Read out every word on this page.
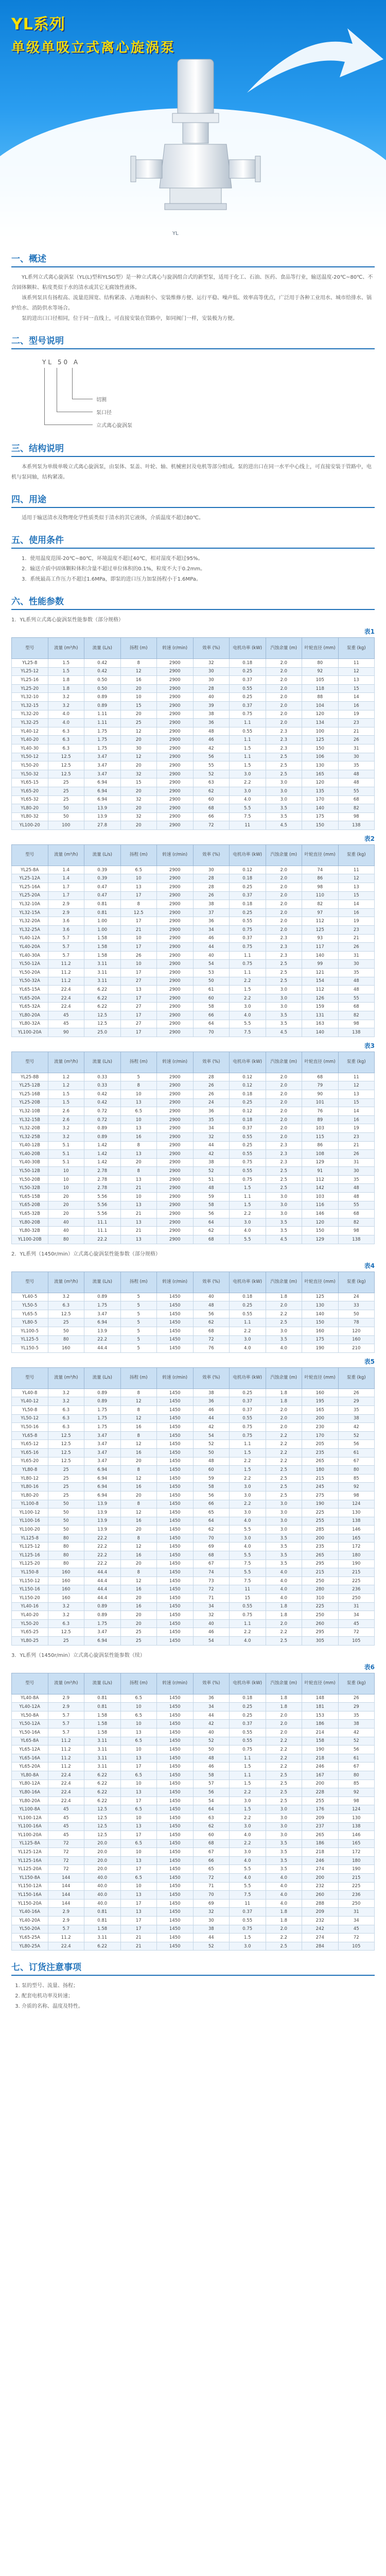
YL系列
单级单吸立式离心旋涡泵
YL
一、概述

YL系列立式离心旋涡泵（YL(L)型和YLSG型）是一种立式离心与旋涡组合式的新型泵，适用于化工、石油、医药、食品等行业，输送温度-20℃~80℃、不含固体颗粒、粘度类似于水的清水或其它无腐蚀性液体。

该系列泵具有扬程高、流量范围宽、结构紧凑、占地面积小、安装维修方便、运行平稳、噪声低、效率高等优点，广泛用于各种工业用水、城市给排水、锅炉给水、消防供水等场合。

泵的进出口口径相同，位于同一直线上，可直接安装在管路中，如同阀门一样，安装极为方便。

二、型号说明
YL 50 A
切割
泵口径
立式离心旋涡泵
三、结构说明

本系列泵为单级单吸立式离心旋涡泵，由泵体、泵盖、叶轮、轴、机械密封及电机等部分组成。泵的进出口在同一水平中心线上，可直接安装于管路中，电机与泵同轴，结构紧凑。

四、用途

适用于输送清水及物理化学性质类似于清水的其它液体，介质温度不超过80℃。

五、使用条件

1．使用温度范围-20℃~80℃，环境温度不超过40℃，相对湿度不超过95%。

2．输送介质中固体颗粒体积含量不超过单位体积的0.1%，粒度不大于0.2mm。

3．系统最高工作压力不超过1.6MPa，即泵的进口压力加泵扬程小于1.6MPa。

六、性能参数
1．YL系列立式离心旋涡泵性能参数（部分规格）
表1
型号	流量 (m³/h)	流量 (L/s)	扬程 (m)	转速 (r/min)	效率 (%)	电机功率 (kW)	汽蚀余量 (m)	叶轮直径 (mm)	泵重 (kg)
YL25-8	1.5	0.42	8	2900	32	0.18	2.0	80	11
YL25-12	1.5	0.42	12	2900	30	0.25	2.0	92	12
YL25-16	1.8	0.50	16	2900	30	0.37	2.0	105	13
YL25-20	1.8	0.50	20	2900	28	0.55	2.0	118	15
YL32-10	3.2	0.89	10	2900	40	0.25	2.0	88	14
YL32-15	3.2	0.89	15	2900	39	0.37	2.0	104	16
YL32-20	4.0	1.11	20	2900	38	0.75	2.0	120	19
YL32-25	4.0	1.11	25	2900	36	1.1	2.0	134	23
YL40-12	6.3	1.75	12	2900	48	0.55	2.3	100	21
YL40-20	6.3	1.75	20	2900	46	1.1	2.3	125	26
YL40-30	6.3	1.75	30	2900	42	1.5	2.3	150	31
YL50-12	12.5	3.47	12	2900	56	1.1	2.5	106	30
YL50-20	12.5	3.47	20	2900	55	1.5	2.5	130	35
YL50-32	12.5	3.47	32	2900	52	3.0	2.5	165	48
YL65-15	25	6.94	15	2900	63	2.2	3.0	120	48
YL65-20	25	6.94	20	2900	62	3.0	3.0	135	55
YL65-32	25	6.94	32	2900	60	4.0	3.0	170	68
YL80-20	50	13.9	20	2900	68	5.5	3.5	140	82
YL80-32	50	13.9	32	2900	66	7.5	3.5	175	98
YL100-20	100	27.8	20	2900	72	11	4.5	150	138
表2
型号	流量 (m³/h)	流量 (L/s)	扬程 (m)	转速 (r/min)	效率 (%)	电机功率 (kW)	汽蚀余量 (m)	叶轮直径 (mm)	泵重 (kg)
YL25-8A	1.4	0.39	6.5	2900	30	0.12	2.0	74	11
YL25-12A	1.4	0.39	10	2900	28	0.18	2.0	86	12
YL25-16A	1.7	0.47	13	2900	28	0.25	2.0	98	13
YL25-20A	1.7	0.47	17	2900	26	0.37	2.0	110	15
YL32-10A	2.9	0.81	8	2900	38	0.18	2.0	82	14
YL32-15A	2.9	0.81	12.5	2900	37	0.25	2.0	97	16
YL32-20A	3.6	1.00	17	2900	36	0.55	2.0	112	19
YL32-25A	3.6	1.00	21	2900	34	0.75	2.0	125	23
YL40-12A	5.7	1.58	10	2900	46	0.37	2.3	93	21
YL40-20A	5.7	1.58	17	2900	44	0.75	2.3	117	26
YL40-30A	5.7	1.58	26	2900	40	1.1	2.3	140	31
YL50-12A	11.2	3.11	10	2900	54	0.75	2.5	99	30
YL50-20A	11.2	3.11	17	2900	53	1.1	2.5	121	35
YL50-32A	11.2	3.11	27	2900	50	2.2	2.5	154	48
YL65-15A	22.4	6.22	13	2900	61	1.5	3.0	112	48
YL65-20A	22.4	6.22	17	2900	60	2.2	3.0	126	55
YL65-32A	22.4	6.22	27	2900	58	3.0	3.0	159	68
YL80-20A	45	12.5	17	2900	66	4.0	3.5	131	82
YL80-32A	45	12.5	27	2900	64	5.5	3.5	163	98
YL100-20A	90	25.0	17	2900	70	7.5	4.5	140	138
表3
型号	流量 (m³/h)	流量 (L/s)	扬程 (m)	转速 (r/min)	效率 (%)	电机功率 (kW)	汽蚀余量 (m)	叶轮直径 (mm)	泵重 (kg)
YL25-8B	1.2	0.33	5	2900	28	0.12	2.0	68	11
YL25-12B	1.2	0.33	8	2900	26	0.12	2.0	79	12
YL25-16B	1.5	0.42	10	2900	26	0.18	2.0	90	13
YL25-20B	1.5	0.42	13	2900	24	0.25	2.0	101	15
YL32-10B	2.6	0.72	6.5	2900	36	0.12	2.0	76	14
YL32-15B	2.6	0.72	10	2900	35	0.18	2.0	89	16
YL32-20B	3.2	0.89	13	2900	34	0.37	2.0	103	19
YL32-25B	3.2	0.89	16	2900	32	0.55	2.0	115	23
YL40-12B	5.1	1.42	8	2900	44	0.25	2.3	86	21
YL40-20B	5.1	1.42	13	2900	42	0.55	2.3	108	26
YL40-30B	5.1	1.42	20	2900	38	0.75	2.3	129	31
YL50-12B	10	2.78	8	2900	52	0.55	2.5	91	30
YL50-20B	10	2.78	13	2900	51	0.75	2.5	112	35
YL50-32B	10	2.78	21	2900	48	1.5	2.5	142	48
YL65-15B	20	5.56	10	2900	59	1.1	3.0	103	48
YL65-20B	20	5.56	13	2900	58	1.5	3.0	116	55
YL65-32B	20	5.56	21	2900	56	2.2	3.0	146	68
YL80-20B	40	11.1	13	2900	64	3.0	3.5	120	82
YL80-32B	40	11.1	21	2900	62	4.0	3.5	150	98
YL100-20B	80	22.2	13	2900	68	5.5	4.5	129	138
2．YL系列（1450r/min）立式离心旋涡泵性能参数（部分规格）
表4
型号	流量 (m³/h)	流量 (L/s)	扬程 (m)	转速 (r/min)	效率 (%)	电机功率 (kW)	汽蚀余量 (m)	叶轮直径 (mm)	泵重 (kg)
YL40-5	3.2	0.89	5	1450	40	0.18	1.8	125	24
YL50-5	6.3	1.75	5	1450	48	0.25	2.0	130	33
YL65-5	12.5	3.47	5	1450	56	0.55	2.2	140	50
YL80-5	25	6.94	5	1450	62	1.1	2.5	150	78
YL100-5	50	13.9	5	1450	68	2.2	3.0	160	120
YL125-5	80	22.2	5	1450	72	3.0	3.5	175	160
YL150-5	160	44.4	5	1450	76	4.0	4.0	190	210
表5
型号	流量 (m³/h)	流量 (L/s)	扬程 (m)	转速 (r/min)	效率 (%)	电机功率 (kW)	汽蚀余量 (m)	叶轮直径 (mm)	泵重 (kg)
YL40-8	3.2	0.89	8	1450	38	0.25	1.8	160	26
YL40-12	3.2	0.89	12	1450	36	0.37	1.8	195	29
YL50-8	6.3	1.75	8	1450	46	0.37	2.0	165	35
YL50-12	6.3	1.75	12	1450	44	0.55	2.0	200	38
YL50-16	6.3	1.75	16	1450	42	0.75	2.0	230	42
YL65-8	12.5	3.47	8	1450	54	0.75	2.2	170	52
YL65-12	12.5	3.47	12	1450	52	1.1	2.2	205	56
YL65-16	12.5	3.47	16	1450	50	1.5	2.2	235	61
YL65-20	12.5	3.47	20	1450	48	2.2	2.2	265	67
YL80-8	25	6.94	8	1450	60	1.5	2.5	180	80
YL80-12	25	6.94	12	1450	59	2.2	2.5	215	85
YL80-16	25	6.94	16	1450	58	3.0	2.5	245	92
YL80-20	25	6.94	20	1450	56	3.0	2.5	275	98
YL100-8	50	13.9	8	1450	66	2.2	3.0	190	124
YL100-12	50	13.9	12	1450	65	3.0	3.0	225	130
YL100-16	50	13.9	16	1450	64	4.0	3.0	255	138
YL100-20	50	13.9	20	1450	62	5.5	3.0	285	146
YL125-8	80	22.2	8	1450	70	3.0	3.5	200	165
YL125-12	80	22.2	12	1450	69	4.0	3.5	235	172
YL125-16	80	22.2	16	1450	68	5.5	3.5	265	180
YL125-20	80	22.2	20	1450	67	7.5	3.5	295	190
YL150-8	160	44.4	8	1450	74	5.5	4.0	215	215
YL150-12	160	44.4	12	1450	73	7.5	4.0	250	225
YL150-16	160	44.4	16	1450	72	11	4.0	280	236
YL150-20	160	44.4	20	1450	71	15	4.0	310	250
YL40-16	3.2	0.89	16	1450	34	0.55	1.8	225	31
YL40-20	3.2	0.89	20	1450	32	0.75	1.8	250	34
YL50-20	6.3	1.75	20	1450	40	1.1	2.0	260	45
YL65-25	12.5	3.47	25	1450	46	2.2	2.2	295	72
YL80-25	25	6.94	25	1450	54	4.0	2.5	305	105
3．YL系列（1450r/min）立式离心旋涡泵性能参数（续）
表6
型号	流量 (m³/h)	流量 (L/s)	扬程 (m)	转速 (r/min)	效率 (%)	电机功率 (kW)	汽蚀余量 (m)	叶轮直径 (mm)	泵重 (kg)
YL40-8A	2.9	0.81	6.5	1450	36	0.18	1.8	148	26
YL40-12A	2.9	0.81	10	1450	34	0.25	1.8	181	29
YL50-8A	5.7	1.58	6.5	1450	44	0.25	2.0	153	35
YL50-12A	5.7	1.58	10	1450	42	0.37	2.0	186	38
YL50-16A	5.7	1.58	13	1450	40	0.55	2.0	214	42
YL65-8A	11.2	3.11	6.5	1450	52	0.55	2.2	158	52
YL65-12A	11.2	3.11	10	1450	50	0.75	2.2	190	56
YL65-16A	11.2	3.11	13	1450	48	1.1	2.2	218	61
YL65-20A	11.2	3.11	17	1450	46	1.5	2.2	246	67
YL80-8A	22.4	6.22	6.5	1450	58	1.1	2.5	167	80
YL80-12A	22.4	6.22	10	1450	57	1.5	2.5	200	85
YL80-16A	22.4	6.22	13	1450	56	2.2	2.5	228	92
YL80-20A	22.4	6.22	17	1450	54	3.0	2.5	255	98
YL100-8A	45	12.5	6.5	1450	64	1.5	3.0	176	124
YL100-12A	45	12.5	10	1450	63	2.2	3.0	209	130
YL100-16A	45	12.5	13	1450	62	3.0	3.0	237	138
YL100-20A	45	12.5	17	1450	60	4.0	3.0	265	146
YL125-8A	72	20.0	6.5	1450	68	2.2	3.5	186	165
YL125-12A	72	20.0	10	1450	67	3.0	3.5	218	172
YL125-16A	72	20.0	13	1450	66	4.0	3.5	246	180
YL125-20A	72	20.0	17	1450	65	5.5	3.5	274	190
YL150-8A	144	40.0	6.5	1450	72	4.0	4.0	200	215
YL150-12A	144	40.0	10	1450	71	5.5	4.0	232	225
YL150-16A	144	40.0	13	1450	70	7.5	4.0	260	236
YL150-20A	144	40.0	17	1450	69	11	4.0	288	250
YL40-16A	2.9	0.81	13	1450	32	0.37	1.8	209	31
YL40-20A	2.9	0.81	17	1450	30	0.55	1.8	232	34
YL50-20A	5.7	1.58	17	1450	38	0.75	2.0	242	45
YL65-25A	11.2	3.11	21	1450	44	1.5	2.2	274	72
YL80-25A	22.4	6.22	21	1450	52	3.0	2.5	284	105
七、订货注意事项
1. 泵的型号、流量、扬程；
2. 配套电机功率及转速；
3. 介质的名称、温度及特性。
